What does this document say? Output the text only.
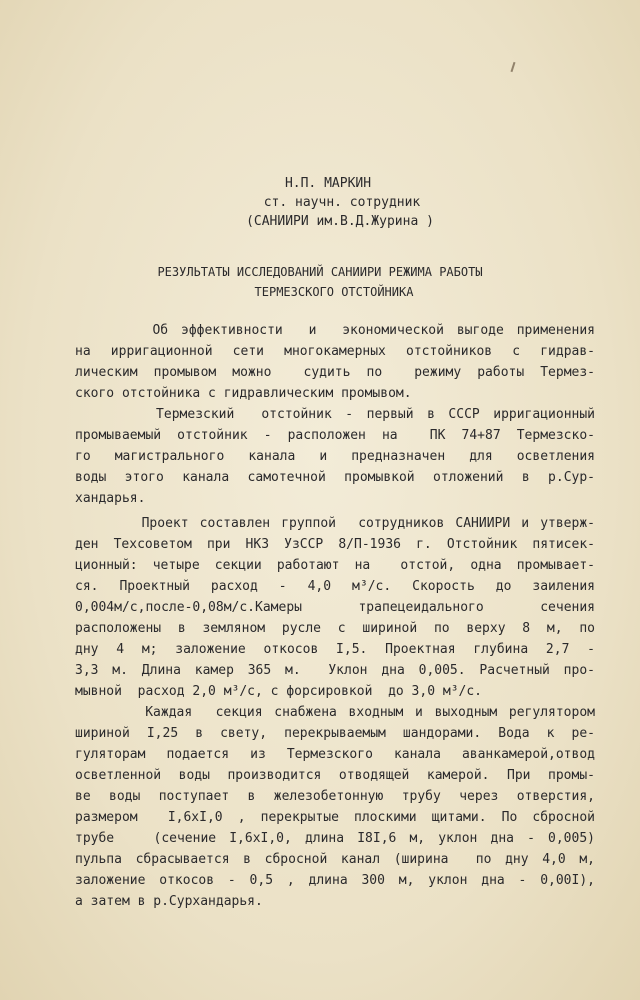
Н.П. МАРКИН
ст. научн. сотрудник
(САНИИРИ им.В.Д.Журина )
РЕЗУЛЬТАТЫ ИССЛЕДОВАНИЙ САНИИРИ РЕЖИМА РАБОТЫ
ТЕРМЕЗСКОГО ОТСТОЙНИКА
Об эффективности  и  экономической выгоде применения
на ирригационной сети многокамерных отстойников с гидрав-
лическим промывом можно  судить по  режиму работы Термез-
ского отстойника с гидравлическим промывом.
Термезский  отстойник - первый в СССР ирригационный
промываемый отстойник - расположен на  ПК 74+87 Термезско-
го магистрального канала и предназначен для осветления
воды этого канала самотечной промывкой отложений в р.Сур-
хандарья.
Проект составлен группой  сотрудников САНИИРИ и утверж-
ден Техсоветом при НКЗ УзССР 8/П-1936 г. Отстойник пятисек-
ционный: четыре секции работают на  отстой, одна промывает-
ся. Проектный расход - 4,0 м³/с. Скорость до заиления
0,004м/с,после-0,08м/с.Камеры трапецеидального сечения
расположены в земляном русле с шириной по верху 8 м, по
дну 4 м; заложение откосов I,5. Проектная глубина 2,7 -
3,3 м. Длина камер 365 м.  Уклон дна 0,005. Расчетный про-
мывной  расход 2,0 м³/с, с форсировкой  до 3,0 м³/с.
Каждая  секция снабжена входным и выходным регулятором
шириной I,25 в свету, перекрываемым шандорами. Вода к ре-
гуляторам подается из Термезского канала аванкамерой,отвод
осветленной воды производится отводящей камерой. При промы-
ве воды поступает в железобетонную трубу через отверстия,
размером  I,6xI,0 , перекрытые плоскими щитами. По сбросной
трубе   (сечение I,6xI,0, длина I8I,6 м, уклон дна - 0,005)
пульпа сбрасывается в сбросной канал (ширина  по дну 4,0 м,
заложение откосов - 0,5 , длина 300 м, уклон дна - 0,00I),
а затем в р.Сурхандарья.
